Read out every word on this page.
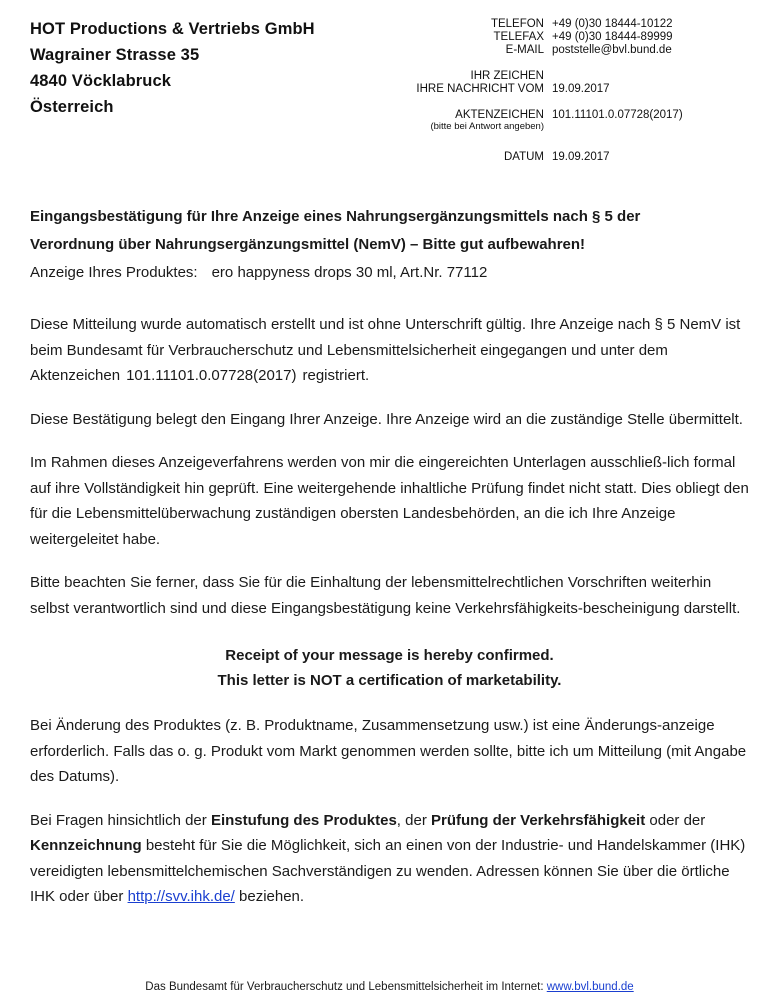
HOT Productions & Vertriebs GmbH
Wagrainer Strasse 35
4840 Vöcklabruck
Österreich
TELEFON +49 (0)30 18444-10122
TELEFAX +49 (0)30 18444-89999
E-MAIL poststelle@bvl.bund.de
IHR ZEICHEN
IHRE NACHRICHT VOM 19.09.2017
AKTENZEICHEN 101.11101.0.07728(2017)
(bitte bei Antwort angeben)
DATUM 19.09.2017
Eingangsbestätigung für Ihre Anzeige eines Nahrungsergänzungsmittels nach § 5 der
Verordnung über Nahrungsergänzungsmittel (NemV) – Bitte gut aufbewahren!
Anzeige Ihres Produktes: ero happyness drops 30 ml, Art.Nr. 77112

Diese Mitteilung wurde automatisch erstellt und ist ohne Unterschrift gültig. Ihre Anzeige nach § 5 NemV ist beim Bundesamt für Verbraucherschutz und Lebensmittelsicherheit eingegangen und unter dem Aktenzeichen 101.11101.0.07728(2017) registriert.

Diese Bestätigung belegt den Eingang Ihrer Anzeige. Ihre Anzeige wird an die zuständige Stelle übermittelt.

Im Rahmen dieses Anzeigeverfahrens werden von mir die eingereichten Unterlagen ausschließ-lich formal auf ihre Vollständigkeit hin geprüft. Eine weitergehende inhaltliche Prüfung findet nicht statt. Dies obliegt den für die Lebensmittelüberwachung zuständigen obersten Landesbehörden, an die ich Ihre Anzeige weitergeleitet habe.

Bitte beachten Sie ferner, dass Sie für die Einhaltung der lebensmittelrechtlichen Vorschriften weiterhin selbst verantwortlich sind und diese Eingangsbestätigung keine Verkehrsfähigkeits-bescheinigung darstellt.

Receipt of your message is hereby confirmed.
This letter is NOT a certification of marketability.

Bei Änderung des Produktes (z. B. Produktname, Zusammensetzung usw.) ist eine Änderungs-anzeige erforderlich. Falls das o. g. Produkt vom Markt genommen werden sollte, bitte ich um Mitteilung (mit Angabe des Datums).

Bei Fragen hinsichtlich der Einstufung des Produktes, der Prüfung der Verkehrsfähigkeit oder der Kennzeichnung besteht für Sie die Möglichkeit, sich an einen von der Industrie- und Handelskammer (IHK) vereidigten lebensmittelchemischen Sachverständigen zu wenden. Adressen können Sie über die örtliche IHK oder über http://svv.ihk.de/ beziehen.

Das Bundesamt für Verbraucherschutz und Lebensmittelsicherheit im Internet: www.bvl.bund.de
